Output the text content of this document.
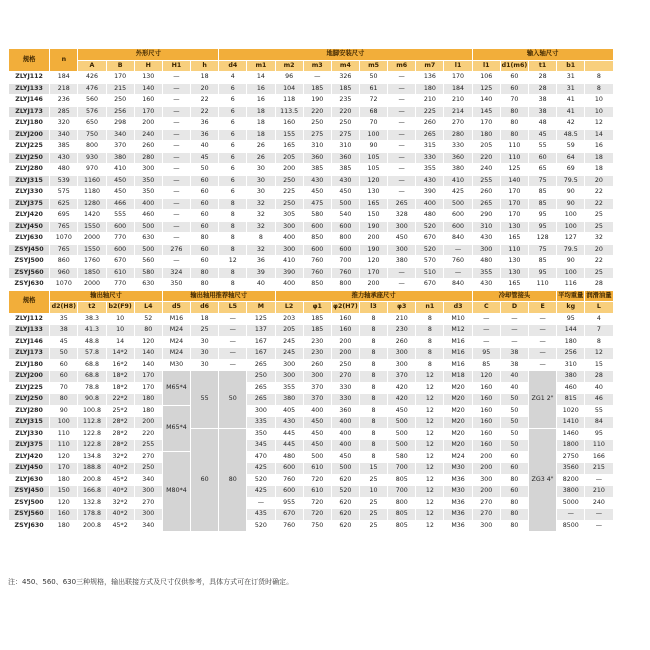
规格	n	外形尺寸					地脚安装尺寸									输入轴尺寸				
		A	B	H	H1	h	d4	m1	m2	m3	m4	m5	m6	m7	l1	l1	d1(m6)	t1	b1	
ZLYJ112	184	426	170	130	—	18	4	14	96	—	326	50	—	136	170	106	60	28	31	8
ZLYJ133	218	476	215	140	—	20	6	16	104	185	185	61	—	180	184	125	60	28	31	8
ZLYJ146	236	560	250	160	—	22	6	16	118	190	235	72	—	210	210	140	70	38	41	10
ZLYJ173	285	576	256	170	—	22	6	18	113.5	220	220	68	—	225	214	145	80	38	41	10
ZLYJ180	320	650	298	200	—	36	6	18	160	250	250	70	—	260	270	170	80	48	42	12
ZLYJ200	340	750	340	240	—	36	6	18	155	275	275	100	—	265	280	180	80	45	48.5	14
ZLYJ225	385	800	370	260	—	40	6	26	165	310	310	90	—	315	330	205	110	55	59	16
ZLYJ250	430	930	380	280	—	45	6	26	205	360	360	105	—	330	360	220	110	60	64	18
ZLYJ280	480	970	410	300	—	50	6	30	200	385	385	105	—	355	380	240	125	65	69	18
ZLYJ315	539	1160	450	350	—	60	6	30	250	430	430	120	—	430	410	255	140	75	79.5	20
ZLYJ330	575	1180	450	350	—	60	6	30	225	450	450	130	—	390	425	260	170	85	90	22
ZLYJ375	625	1280	466	400	—	60	8	32	250	475	500	165	265	400	500	265	170	85	90	22
ZLYJ420	695	1420	555	460	—	60	8	32	305	580	540	150	328	480	600	290	170	95	100	25
ZLYJ450	765	1550	600	500	—	60	8	32	300	600	600	190	300	520	600	310	130	95	100	25
ZLYJ630	1070	2000	770	630	—	80	8	8	400	850	800	200	450	670	840	430	165	128	127	32
ZSYJ450	765	1550	600	500	276	60	8	32	300	600	600	190	300	520	—	300	110	75	79.5	20
ZSYJ500	860	1760	670	560	—	60	12	36	410	760	700	120	380	570	760	480	130	85	90	22
ZSYJ560	960	1850	610	580	324	80	8	39	390	760	760	170	—	510	—	355	130	95	100	25
ZSYJ630	1070	2000	770	630	350	80	8	40	400	850	800	200	—	670	840	430	165	110	116	28
规格	输出轴尺寸				输出轴用推荐轴尺寸				推力轴承座尺寸							冷却管接头			平均重量	润滑油量
	d2(H8)	t2	b2(F9)	L4	d5	d6	L5	M	L2	φ1	φ2(H7)	l3	φ3	n1	d3	C	D	E	kg	L
ZLYJ112	35	38.3	10	52	M16	18	—	125	203	185	160	8	210	8	M10	—	—	—	95	4
ZLYJ133	38	41.3	10	80	M24	25	—	137	205	185	160	8	230	8	M12	—	—	—	144	7
ZLYJ146	45	48.8	14	120	M24	30	—	167	245	230	200	8	260	8	M16	—	—	—	180	8
ZLYJ173	50	57.8	14*2	140	M24	30	—	167	245	230	200	8	300	8	M16	95	38	—	256	12
ZLYJ180	60	68.8	16*2	140	M30	30	—	265	300	260	250	8	300	8	M16	85	38	—	310	15
ZLYJ200	60	68.8	18*2	170	M65*4	55	50	250	300	300	270	8	370	12	M18	120	40	ZG1 2"	380	28
ZLYJ225	70	78.8	18*2	170				265	355	370	330	8	420	12	M20	160	40		460	40
ZLYJ250	80	90.8	22*2	180				265	380	370	330	8	420	12	M20	160	50		815	46
ZLYJ280	90	100.8	25*2	180	M65*4			300	405	400	360	8	450	12	M20	160	50		1020	55
ZLYJ315	100	112.8	28*2	200				335	430	450	400	8	500	12	M20	160	50		1410	84
ZLYJ330	110	122.8	28*2	220		60	80	350	445	450	400	8	500	12	M20	160	50	ZG3 4"	1460	95
ZLYJ375	110	122.8	28*2	255				345	445	450	400	8	500	12	M20	160	50		1800	110
ZLYJ420	120	134.8	32*2	270	M80*4			470	480	500	450	8	580	12	M24	200	60		2750	166
ZLYJ450	170	188.8	40*2	250				425	600	610	500	15	700	12	M30	200	60		3560	215
ZLYJ630	180	200.8	45*2	340				520	760	720	620	25	805	12	M36	300	80		8200	—
ZSYJ450	150	166.8	40*2	300				425	600	610	520	10	700	12	M30	200	60		3800	210
ZSYJ500	120	132.8	32*2	270				—	955	720	620	25	800	12	M36	270	80		5000	240
ZSYJ560	160	178.8	40*2	300				435	670	720	620	25	805	12	M36	270	80		—	—
ZSYJ630	180	200.8	45*2	340				520	760	750	620	25	805	12	M36	300	80		8500	—
注：450、560、630三种规格，输出联接方式及尺寸仅供参考，具体方式可在订货时确定。
